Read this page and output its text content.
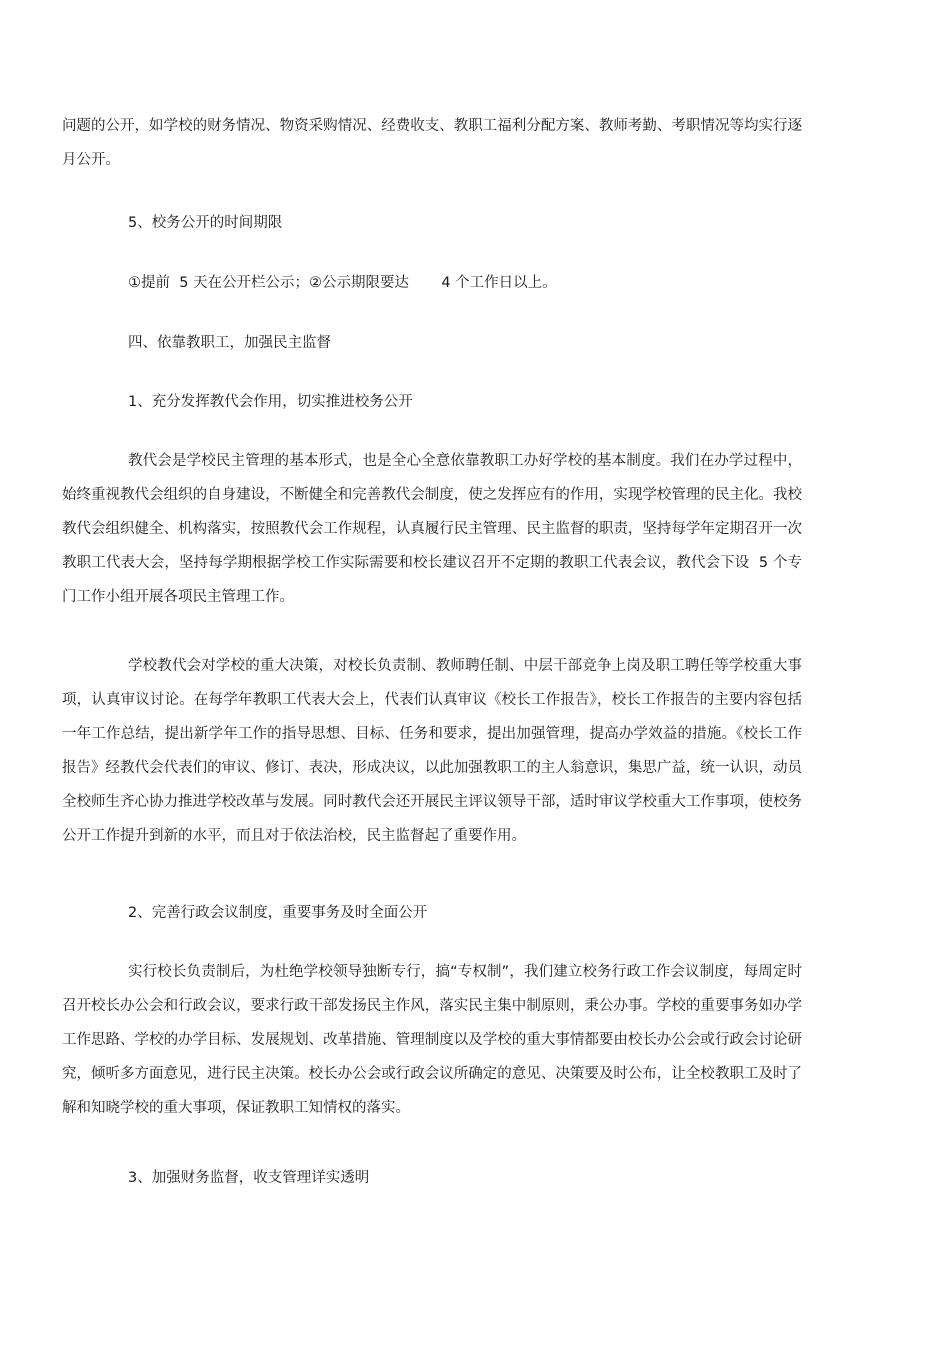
问题的公开，如学校的财务情况、物资采购情况、经费收支、教职工福利分配方案、教师考勤、考职情况等均实行逐月公开。

5、校务公开的时间期限

①提前  5 天在公开栏公示；②公示期限要达       4 个工作日以上。

四、依靠教职工，加强民主监督

1、充分发挥教代会作用，切实推进校务公开

教代会是学校民主管理的基本形式，也是全心全意依靠教职工办好学校的基本制度。我们在办学过程中，始终重视教代会组织的自身建设，不断健全和完善教代会制度，使之发挥应有的作用，实现学校管理的民主化。我校教代会组织健全、机构落实，按照教代会工作规程，认真履行民主管理、民主监督的职责，坚持每学年定期召开一次教职工代表大会，坚持每学期根据学校工作实际需要和校长建议召开不定期的教职工代表会议，教代会下设  5 个专门工作小组开展各项民主管理工作。

学校教代会对学校的重大决策，对校长负责制、教师聘任制、中层干部竞争上岗及职工聘任等学校重大事项，认真审议讨论。在每学年教职工代表大会上，代表们认真审议《校长工作报告》，校长工作报告的主要内容包括一年工作总结，提出新学年工作的指导思想、目标、任务和要求，提出加强管理，提高办学效益的措施。《校长工作报告》经教代会代表们的审议、修订、表决，形成决议，以此加强教职工的主人翁意识，集思广益，统一认识，动员全校师生齐心协力推进学校改革与发展。同时教代会还开展民主评议领导干部，适时审议学校重大工作事项，使校务公开工作提升到新的水平，而且对于依法治校，民主监督起了重要作用。

2、完善行政会议制度，重要事务及时全面公开

实行校长负责制后，为杜绝学校领导独断专行，搞“专权制”，我们建立校务行政工作会议制度，每周定时召开校长办公会和行政会议，要求行政干部发扬民主作风，落实民主集中制原则，秉公办事。学校的重要事务如办学工作思路、学校的办学目标、发展规划、改革措施、管理制度以及学校的重大事情都要由校长办公会或行政会讨论研究，倾听多方面意见，进行民主决策。校长办公会或行政会议所确定的意见、决策要及时公布，让全校教职工及时了解和知晓学校的重大事项，保证教职工知情权的落实。

3、加强财务监督，收支管理详实透明
